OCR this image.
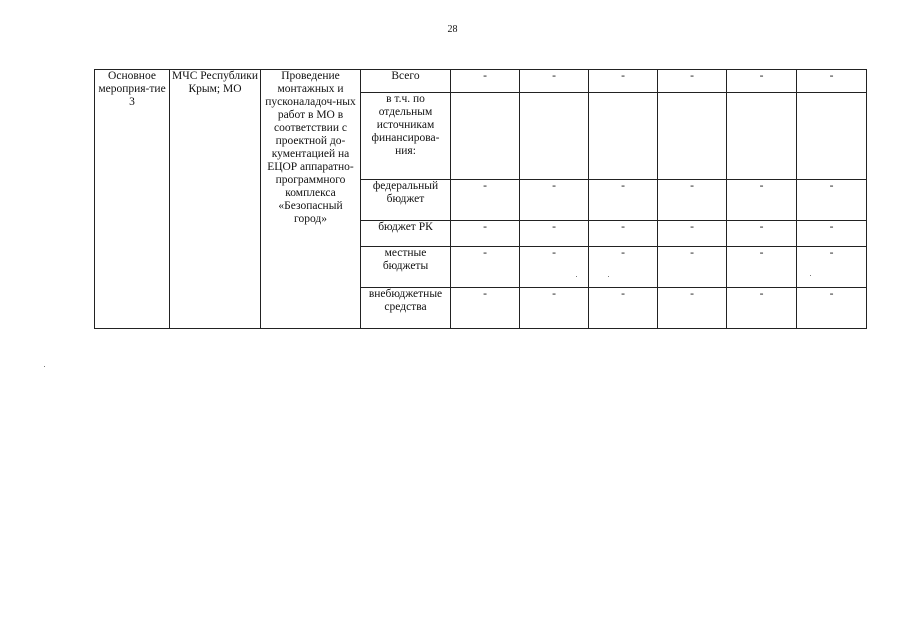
28
Основное мероприя-тие 3	МЧС Республики Крым; МО	Проведение монтажных и пусконаладоч-ных работ в МО в соответствии с проектной до-кументацией на ЕЦОР аппаратно-программного комплекса «Безопасный город»	Всего	-	-	-	-	-	-
			в т.ч. по отдельным источникам финансирова-ния:						
			федеральный бюджет	-	-	-	-	-	-
			бюджет РК	-	-	-	-	-	-
			местные бюджеты	-	-	-	-	-	-
			внебюджетные средства	-	-	-	-	-	-
